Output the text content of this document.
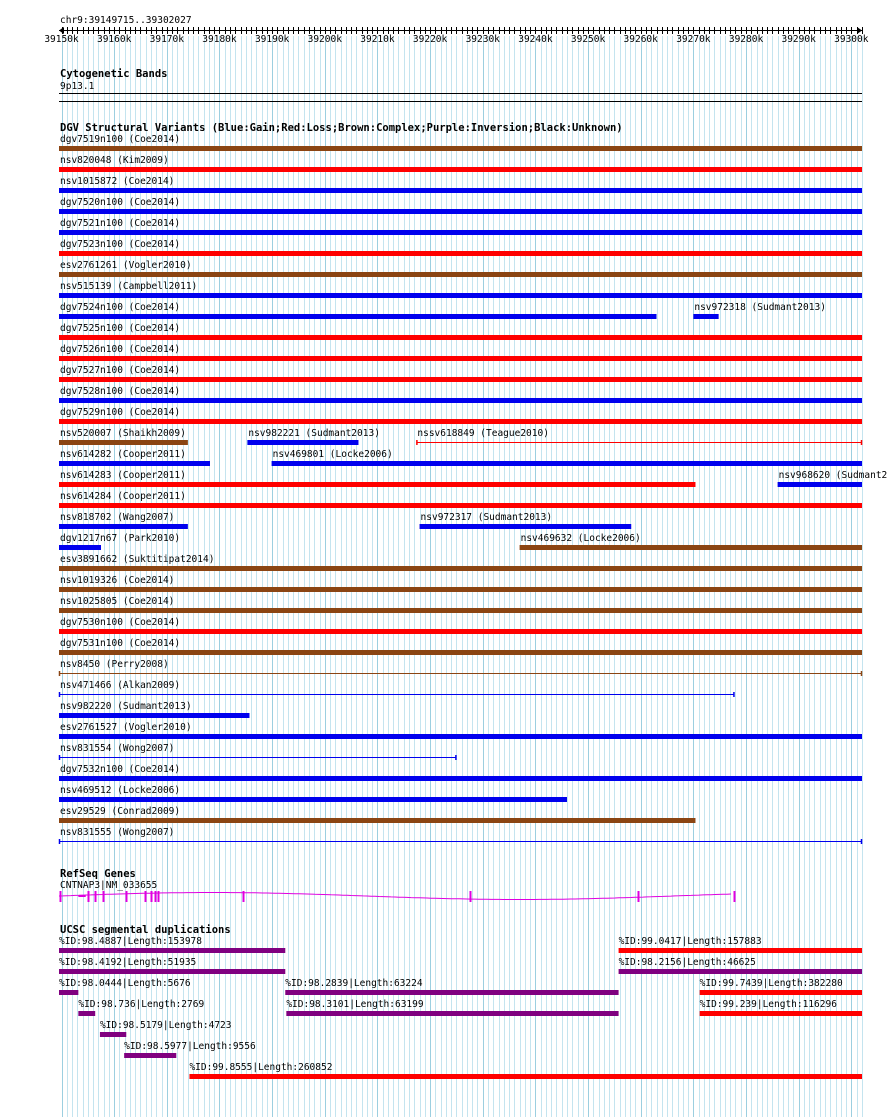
chr9:39149715..39302027
Cytogenetic Bands
9p13.1
DGV Structural Variants (Blue:Gain;Red:Loss;Brown:Complex;Purple:Inversion;Black:Unknown)
RefSeq Genes
CNTNAP3|NM_033655
UCSC segmental duplications
39150k	39160k	39170k	39180k	39190k	39200k	39210k	39220k	39230k	39240k	39250k	39260k	39270k	39280k	39290k	39300k
dgv7519n100 (Coe2014)
nsv820048 (Kim2009)
nsv1015872 (Coe2014)
dgv7520n100 (Coe2014)
dgv7521n100 (Coe2014)
dgv7523n100 (Coe2014)
esv2761261 (Vogler2010)
nsv515139 (Campbell2011)
dgv7524n100 (Coe2014)	nsv972318 (Sudmant2013)
dgv7525n100 (Coe2014)
dgv7526n100 (Coe2014)
dgv7527n100 (Coe2014)
dgv7528n100 (Coe2014)
dgv7529n100 (Coe2014)
nsv520007 (Shaikh2009)	nsv982221 (Sudmant2013)	nssv618849 (Teague2010)
nsv614282 (Cooper2011)	nsv469801 (Locke2006)
nsv614283 (Cooper2011)	nsv968620 (Sudmant2
nsv614284 (Cooper2011)
nsv818702 (Wang2007)	nsv972317 (Sudmant2013)
dgv1217n67 (Park2010)	nsv469632 (Locke2006)
esv3891662 (Suktitipat2014)
nsv1019326 (Coe2014)
nsv1025805 (Coe2014)
dgv7530n100 (Coe2014)
dgv7531n100 (Coe2014)
nsv8450 (Perry2008)
nsv471466 (Alkan2009)
nsv982220 (Sudmant2013)
esv2761527 (Vogler2010)
nsv831554 (Wong2007)
dgv7532n100 (Coe2014)
nsv469512 (Locke2006)
esv29529 (Conrad2009)
nsv831555 (Wong2007)
%ID:98.4887|Length:153978	%ID:99.0417|Length:157883
%ID:98.4192|Length:51935	%ID:98.2156|Length:46625
%ID:98.0444|Length:5676	%ID:98.2839|Length:63224	%ID:99.7439|Length:382280
%ID:98.736|Length:2769	%ID:98.3101|Length:63199	%ID:99.239|Length:116296
%ID:98.5179|Length:4723
%ID:98.5977|Length:9556
%ID:99.8555|Length:260852
